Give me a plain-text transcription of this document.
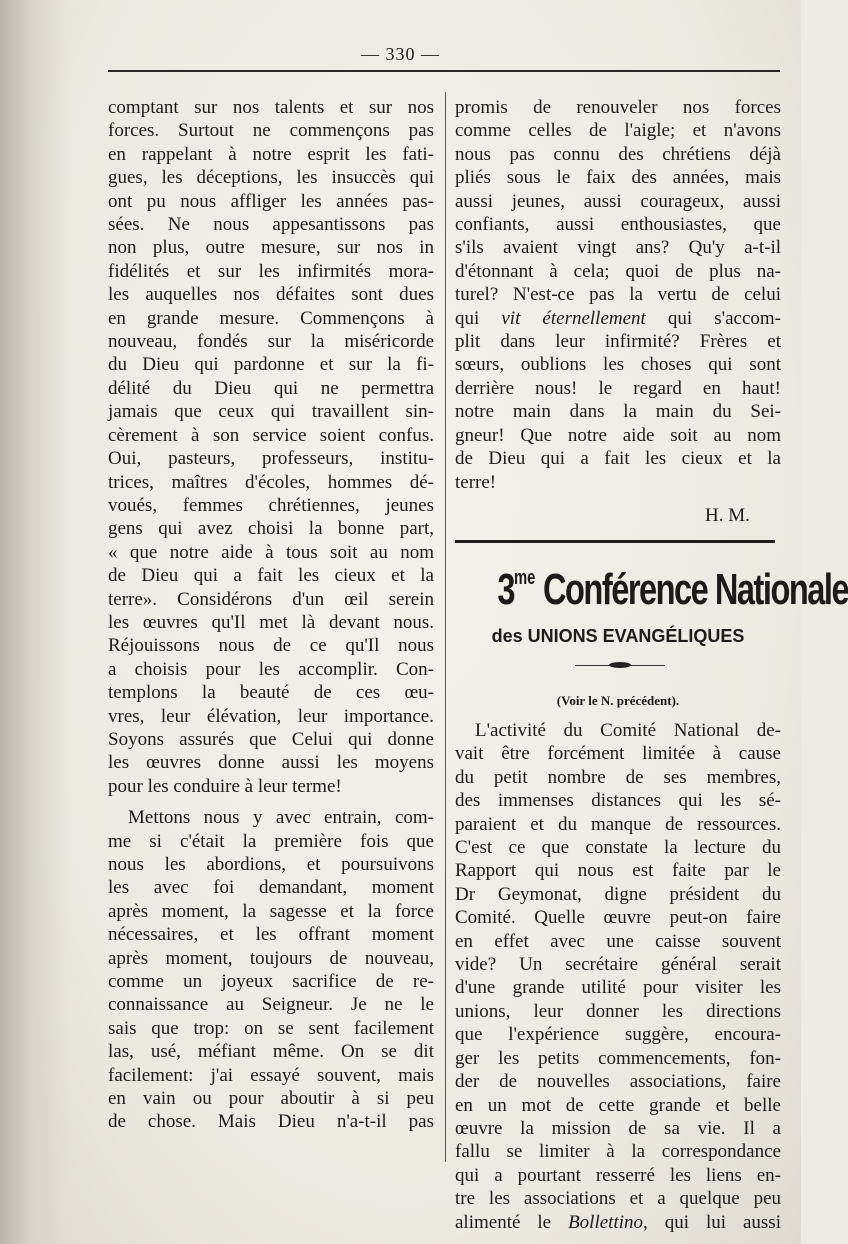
— 330 —

comptant sur nos talents et sur nos

forces. Surtout ne commençons pas

en rappelant à notre esprit les fati-

gues, les déceptions, les insuccès qui

ont pu nous affliger les années pas-

sées. Ne nous appesantissons pas

non plus, outre mesure, sur nos in

fidélités et sur les infirmités mora-

les auquelles nos défaites sont dues

en grande mesure. Commençons à

nouveau, fondés sur la miséricorde

du Dieu qui pardonne et sur la fi-

délité du Dieu qui ne permettra

jamais que ceux qui travaillent sin-

cèrement à son service soient confus.

Oui, pasteurs, professeurs, institu-

trices, maîtres d'écoles, hommes dé-

voués, femmes chrétiennes, jeunes

gens qui avez choisi la bonne part,

« que notre aide à tous soit au nom

de Dieu qui a fait les cieux et la

terre». Considérons d'un œil serein

les œuvres qu'Il met là devant nous.

Réjouissons nous de ce qu'Il nous

a choisis pour les accomplir. Con-

templons la beauté de ces œu-

vres, leur élévation, leur importance.

Soyons assurés que Celui qui donne

les œuvres donne aussi les moyens

pour les conduire à leur terme!

Mettons nous y avec entrain, com-

me si c'était la première fois que

nous les abordions, et poursuivons

les avec foi demandant, moment

après moment, la sagesse et la force

nécessaires, et les offrant moment

après moment, toujours de nouveau,

comme un joyeux sacrifice de re-

connaissance au Seigneur. Je ne le

sais que trop: on se sent facilement

las, usé, méfiant même. On se dit

facilement: j'ai essayé souvent, mais

en vain ou pour aboutir à si peu

de chose. Mais Dieu n'a-t-il pas

promis de renouveler nos forces

comme celles de l'aigle; et n'avons

nous pas connu des chrétiens déjà

pliés sous le faix des années, mais

aussi jeunes, aussi courageux, aussi

confiants, aussi enthousiastes, que

s'ils avaient vingt ans? Qu'y a-t-il

d'étonnant à cela; quoi de plus na-

turel? N'est-ce pas la vertu de celui

qui vit éternellement qui s'accom-

plit dans leur infirmité? Frères et

sœurs, oublions les choses qui sont

derrière nous! le regard en haut!

notre main dans la main du Sei-

gneur! Que notre aide soit au nom

de Dieu qui a fait les cieux et la

terre!

H. M.
$3^{me}$ Conférence Nationale
des UNIONS EVANGÉLIQUES
(Voir le N. précédent).

L'activité du Comité National de-

vait être forcément limitée à cause

du petit nombre de ses membres,

des immenses distances qui les sé-

paraient et du manque de ressources.

C'est ce que constate la lecture du

Rapport qui nous est faite par le

Dr Geymonat, digne président du

Comité. Quelle œuvre peut-on faire

en effet avec une caisse souvent

vide? Un secrétaire général serait

d'une grande utilité pour visiter les

unions, leur donner les directions

que l'expérience suggère, encoura-

ger les petits commencements, fon-

der de nouvelles associations, faire

en un mot de cette grande et belle

œuvre la mission de sa vie. Il a

fallu se limiter à la correspondance

qui a pourtant resserré les liens en-

tre les associations et a quelque peu

alimenté le Bollettino, qui lui aussi
